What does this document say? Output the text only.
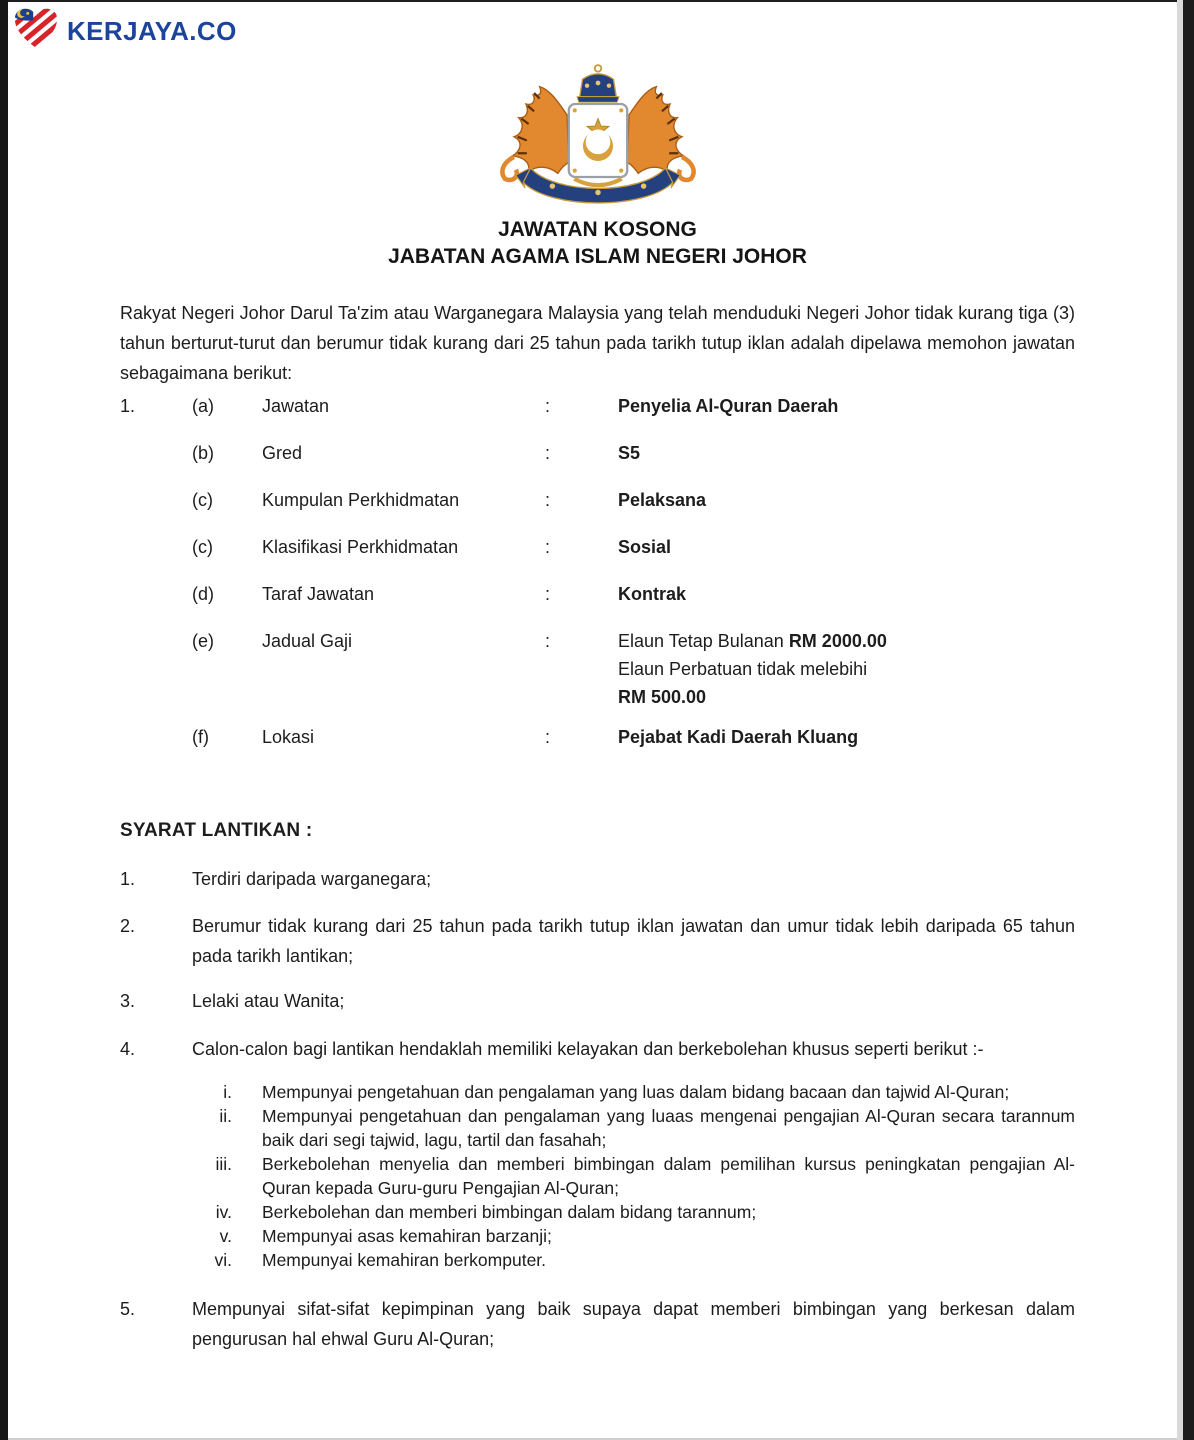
KERJAYA.CO
JAWATAN KOSONG
JABATAN AGAMA ISLAM NEGERI JOHOR

Rakyat Negeri Johor Darul Ta'zim atau Warganegara Malaysia yang telah menduduki Negeri Johor tidak kurang tiga (3) tahun berturut-turut dan berumur tidak kurang dari 25 tahun pada tarikh tutup iklan adalah dipelawa memohon jawatan sebagaimana berikut:

1.	(a)	Jawatan	:	Penyelia Al-Quran Daerah
(b)	Gred	:	S5
(c)	Kumpulan Perkhidmatan	:	Pelaksana
(c)	Klasifikasi Perkhidmatan	:	Sosial
(d)	Taraf Jawatan	:	Kontrak
(e)	Jadual Gaji	:	Elaun Tetap Bulanan RM 2000.00
Elaun Perbatuan tidak melebihi
RM 500.00
(f)	Lokasi	:	Pejabat Kadi Daerah Kluang
SYARAT LANTIKAN :
1.	Terdiri daripada warganegara;
2.	Berumur tidak kurang dari 25 tahun pada tarikh tutup iklan jawatan dan umur tidak lebih daripada 65 tahun pada tarikh lantikan;
3.	Lelaki atau Wanita;
4.	Calon-calon bagi lantikan hendaklah memiliki kelayakan dan berkebolehan khusus seperti berikut :-
i. Mempunyai pengetahuan dan pengalaman yang luas dalam bidang bacaan dan tajwid Al-Quran;
ii. Mempunyai pengetahuan dan pengalaman yang luaas mengenai pengajian Al-Quran secara tarannum baik dari segi tajwid, lagu, tartil dan fasahah;
iii. Berkebolehan menyelia dan memberi bimbingan dalam pemilihan kursus peningkatan pengajian Al-Quran kepada Guru-guru Pengajian Al-Quran;
iv. Berkebolehan dan memberi bimbingan dalam bidang tarannum;
v. Mempunyai asas kemahiran barzanji;
vi. Mempunyai kemahiran berkomputer.
5.	Mempunyai sifat-sifat kepimpinan yang baik supaya dapat memberi bimbingan yang berkesan dalam pengurusan hal ehwal Guru Al-Quran;
